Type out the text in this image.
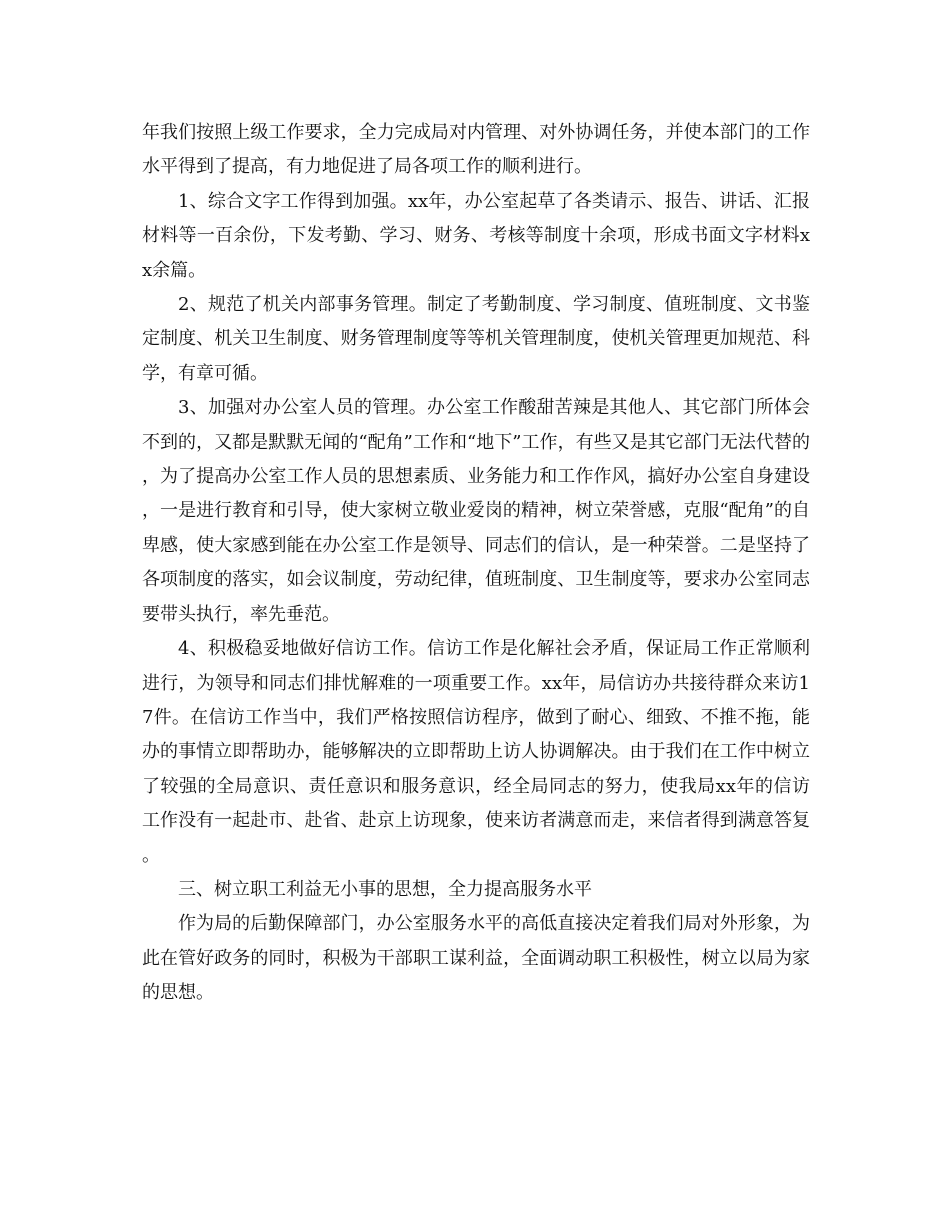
年我们按照上级工作要求，全力完成局对内管理、对外协调任务，并使本部门的工作水平得到了提高，有力地促进了局各项工作的顺利进行。

1、综合文字工作得到加强。xx年，办公室起草了各类请示、报告、讲话、汇报材料等一百余份，下发考勤、学习、财务、考核等制度十余项，形成书面文字材料xx余篇。

2、规范了机关内部事务管理。制定了考勤制度、学习制度、值班制度、文书鉴定制度、机关卫生制度、财务管理制度等等机关管理制度，使机关管理更加规范、科学，有章可循。

3、加强对办公室人员的管理。办公室工作酸甜苦辣是其他人、其它部门所体会不到的，又都是默默无闻的“配角”工作和“地下”工作，有些又是其它部门无法代替的，为了提高办公室工作人员的思想素质、业务能力和工作作风，搞好办公室自身建设，一是进行教育和引导，使大家树立敬业爱岗的精神，树立荣誉感，克服“配角”的自卑感，使大家感到能在办公室工作是领导、同志们的信认，是一种荣誉。二是坚持了各项制度的落实，如会议制度，劳动纪律，值班制度、卫生制度等，要求办公室同志要带头执行，率先垂范。

4、积极稳妥地做好信访工作。信访工作是化解社会矛盾，保证局工作正常顺利进行，为领导和同志们排忧解难的一项重要工作。xx年，局信访办共接待群众来访17件。在信访工作当中，我们严格按照信访程序，做到了耐心、细致、不推不拖，能办的事情立即帮助办，能够解决的立即帮助上访人协调解决。由于我们在工作中树立了较强的全局意识、责任意识和服务意识，经全局同志的努力，使我局xx年的信访工作没有一起赴市、赴省、赴京上访现象，使来访者满意而走，来信者得到满意答复。

三、树立职工利益无小事的思想，全力提高服务水平

作为局的后勤保障部门，办公室服务水平的高低直接决定着我们局对外形象，为此在管好政务的同时，积极为干部职工谋利益，全面调动职工积极性，树立以局为家的思想。
